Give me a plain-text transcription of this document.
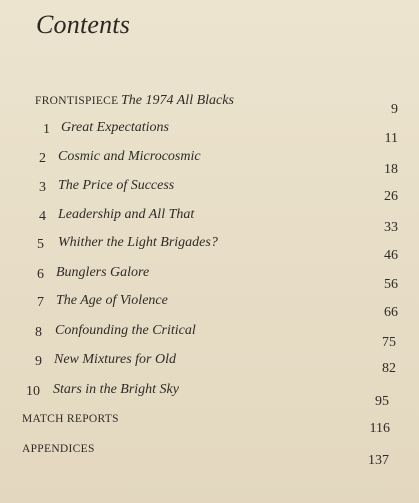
Contents
FRONTISPIECE The 1974 All Blacks
9
1 Great Expectations
11
2 Cosmic and Microcosmic
18
3 The Price of Success
26
4 Leadership and All That
33
5 Whither the Light Brigades?
46
6 Bunglers Galore
56
7 The Age of Violence
66
8 Confounding the Critical
75
9 New Mixtures for Old
82
10 Stars in the Bright Sky
95
MATCH REPORTS
116
APPENDICES
137
